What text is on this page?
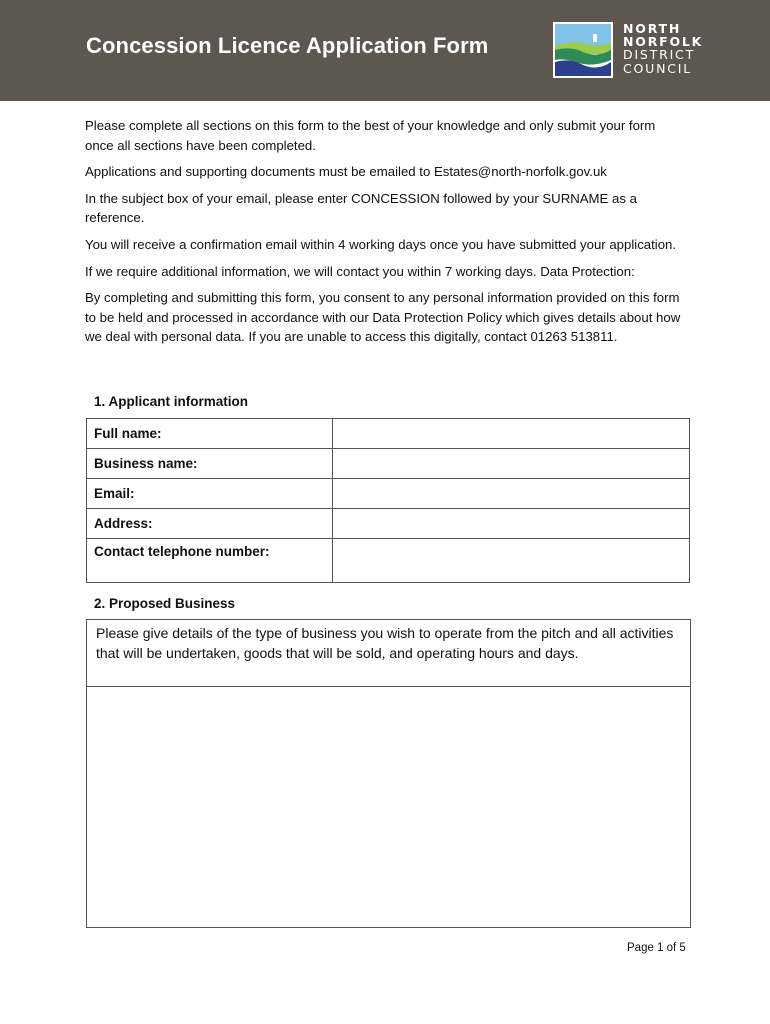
Concession Licence Application Form
NORTH
NORFOLK
DISTRICT
COUNCIL

Please complete all sections on this form to the best of your knowledge and only submit your form once all sections have been completed.

Applications and supporting documents must be emailed to Estates@north-norfolk.gov.uk

In the subject box of your email, please enter CONCESSION followed by your SURNAME as a reference.

You will receive a confirmation email within 4 working days once you have submitted your application.

If we require additional information, we will contact you within 7 working days. Data Protection:

By completing and submitting this form, you consent to any personal information provided on this form to be held and processed in accordance with our Data Protection Policy which gives details about how we deal with personal data. If you are unable to access this digitally, contact 01263 513811.

1. Applicant information
Full name:	
Business name:	
Email:	
Address:	
Contact telephone number:	
2. Proposed Business
Please give details of the type of business you wish to operate from the pitch and all activities that will be undertaken, goods that will be sold, and operating hours and days.
Page 1 of 5
